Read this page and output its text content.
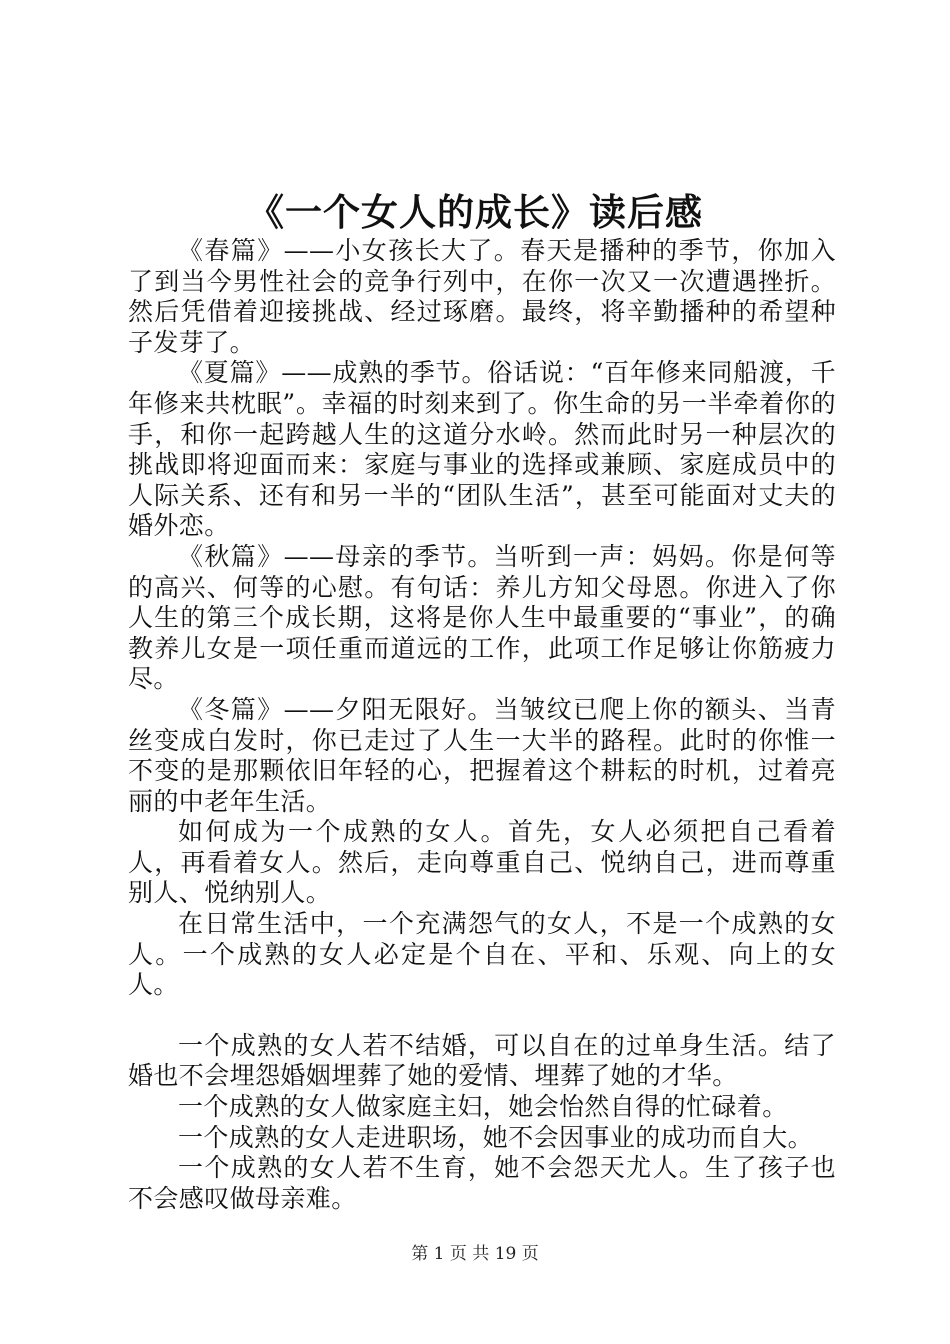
《一个女人的成长》读后感

《春篇》——小女孩长大了。春天是播种的季节，你加入了到当今男性社会的竞争行列中，在你一次又一次遭遇挫折。然后凭借着迎接挑战、经过琢磨。最终，将辛勤播种的希望种子发芽了。

《夏篇》——成熟的季节。俗话说：“百年修来同船渡，千年修来共枕眠”。幸福的时刻来到了。你生命的另一半牵着你的手，和你一起跨越人生的这道分水岭。然而此时另一种层次的挑战即将迎面而来：家庭与事业的选择或兼顾、家庭成员中的人际关系、还有和另一半的“团队生活”，甚至可能面对丈夫的婚外恋。

《秋篇》——母亲的季节。当听到一声：妈妈。你是何等的高兴、何等的心慰。有句话：养儿方知父母恩。你进入了你人生的第三个成长期，这将是你人生中最重要的“事业”，的确教养儿女是一项任重而道远的工作，此项工作足够让你筋疲力尽。

《冬篇》——夕阳无限好。当皱纹已爬上你的额头、当青丝变成白发时，你已走过了人生一大半的路程。此时的你惟一不变的是那颗依旧年轻的心，把握着这个耕耘的时机，过着亮丽的中老年生活。

如何成为一个成熟的女人。首先，女人必须把自己看着人，再看着女人。然后，走向尊重自己、悦纳自己，进而尊重别人、悦纳别人。

在日常生活中，一个充满怨气的女人，不是一个成熟的女人。一个成熟的女人必定是个自在、平和、乐观、向上的女人。

一个成熟的女人若不结婚，可以自在的过单身生活。结了婚也不会埋怨婚姻埋葬了她的爱情、埋葬了她的才华。

一个成熟的女人做家庭主妇，她会怡然自得的忙碌着。

一个成熟的女人走进职场，她不会因事业的成功而自大。

一个成熟的女人若不生育，她不会怨天尤人。生了孩子也不会感叹做母亲难。

第 1 页 共 19 页
